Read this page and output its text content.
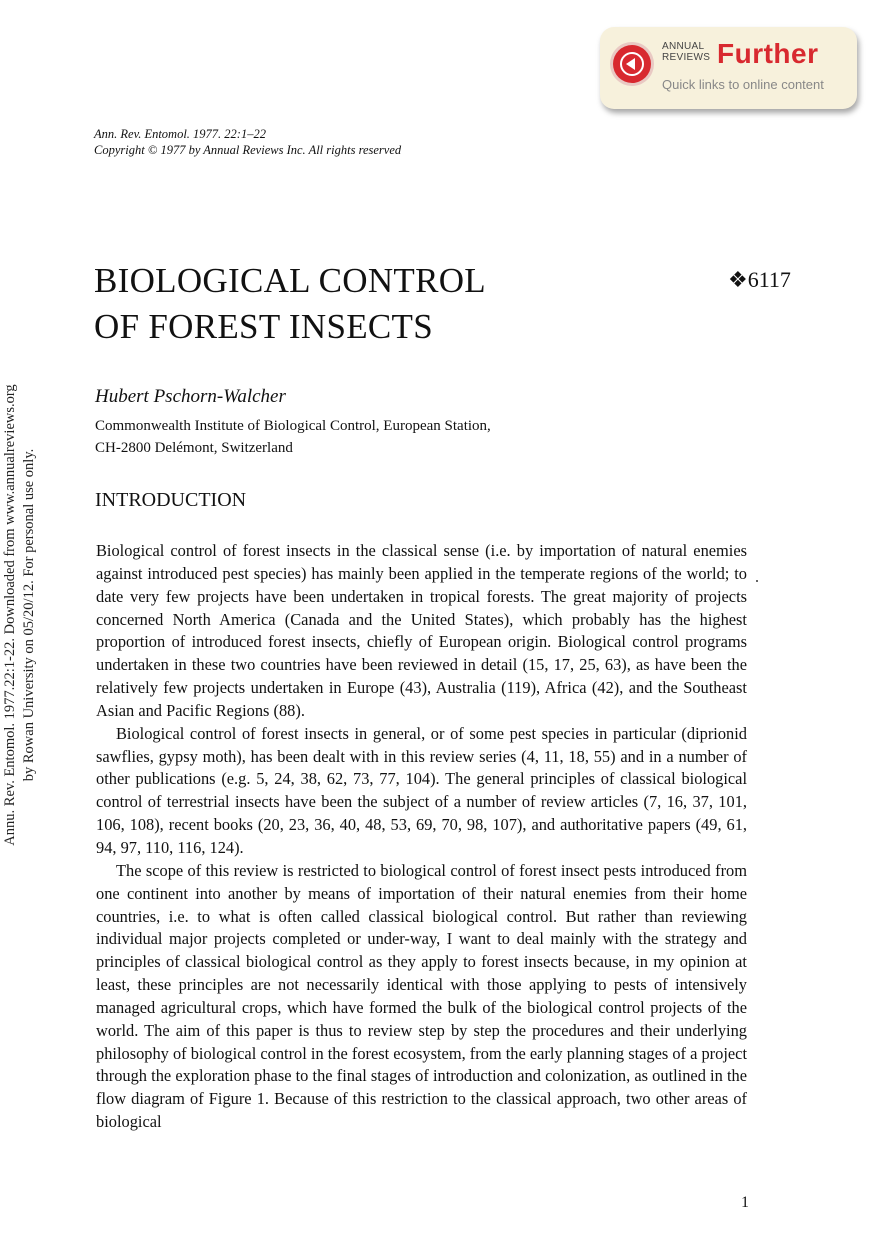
ANNUAL
REVIEWS Further
Quick links to online content
Ann. Rev. Entomol. 1977. 22:1–22
Copyright © 1977 by Annual Reviews Inc. All rights reserved
Annu. Rev. Entomol. 1977.22:1-22. Downloaded from www.annualreviews.org by Rowan University on 05/20/12. For personal use only.
BIOLOGICAL CONTROL
OF FOREST INSECTS
❖6117
Hubert Pschorn-Walcher
Commonwealth Institute of Biological Control, European Station,
CH-2800 Delémont, Switzerland
INTRODUCTION

Biological control of forest insects in the classical sense (i.e. by importation of natural enemies against introduced pest species) has mainly been applied in the temperate regions of the world; to date very few projects have been undertaken in tropical forests. The great majority of projects concerned North America (Canada and the United States), which probably has the highest proportion of introduced forest insects, chiefly of European origin. Biological control programs undertaken in these two countries have been reviewed in detail (15, 17, 25, 63), as have been the relatively few projects undertaken in Europe (43), Australia (119), Africa (42), and the Southeast Asian and Pacific Regions (88).

Biological control of forest insects in general, or of some pest species in particular (diprionid sawflies, gypsy moth), has been dealt with in this review series (4, 11, 18, 55) and in a number of other publications (e.g. 5, 24, 38, 62, 73, 77, 104). The general principles of classical biological control of terrestrial insects have been the subject of a number of review articles (7, 16, 37, 101, 106, 108), recent books (20, 23, 36, 40, 48, 53, 69, 70, 98, 107), and authoritative papers (49, 61, 94, 97, 110, 116, 124).

The scope of this review is restricted to biological control of forest insect pests introduced from one continent into another by means of importation of their natural enemies from their home countries, i.e. to what is often called classical biological control. But rather than reviewing individual major projects completed or under-way, I want to deal mainly with the strategy and principles of classical biological control as they apply to forest insects because, in my opinion at least, these principles are not necessarily identical with those applying to pests of intensively managed agricultural crops, which have formed the bulk of the biological control projects of the world. The aim of this paper is thus to review step by step the procedures and their underlying philosophy of biological control in the forest ecosystem, from the early planning stages of a project through the exploration phase to the final stages of introduction and colonization, as outlined in the flow diagram of Figure 1. Because of this restriction to the classical approach, two other areas of biological

1
